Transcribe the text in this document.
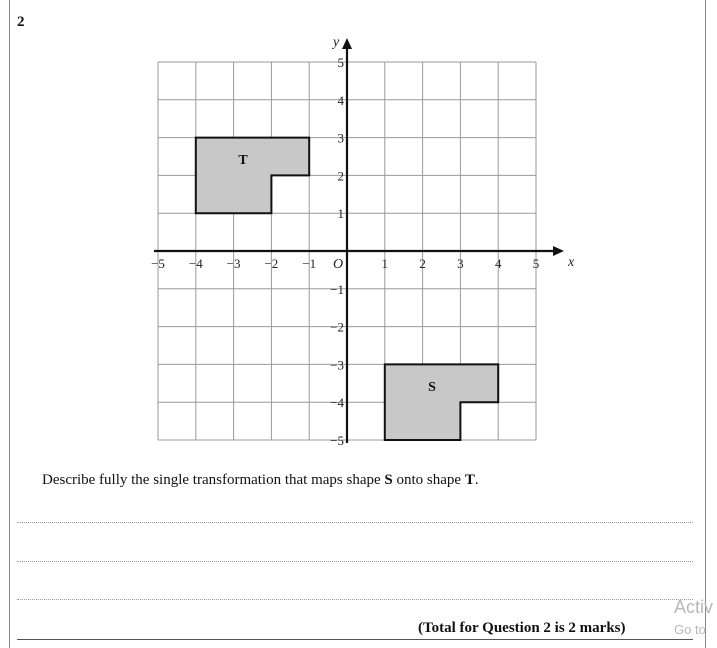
2
T
S
x
y
O
−5 −4 −3 −2 −1	1 2 3 4 5
5
4
3
2
1
−1
−2
−3
−4
−5
Describe fully the single transformation that maps shape S onto shape T.
(Total for Question 2 is 2 marks)
Activ
Go to
